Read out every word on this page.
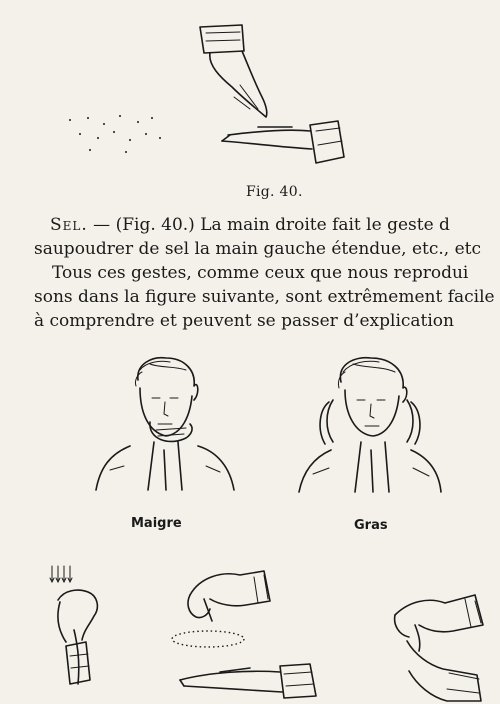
Fig. 40.
Sel. — (Fig. 40.) La main droite fait le geste d
saupoudrer de sel la main gauche étendue, etc., etc
Tous ces gestes, comme ceux que nous reprodui
sons dans la figure suivante, sont extrêmement facile
à comprendre et peuvent se passer d’explication
Maigre	Gras
